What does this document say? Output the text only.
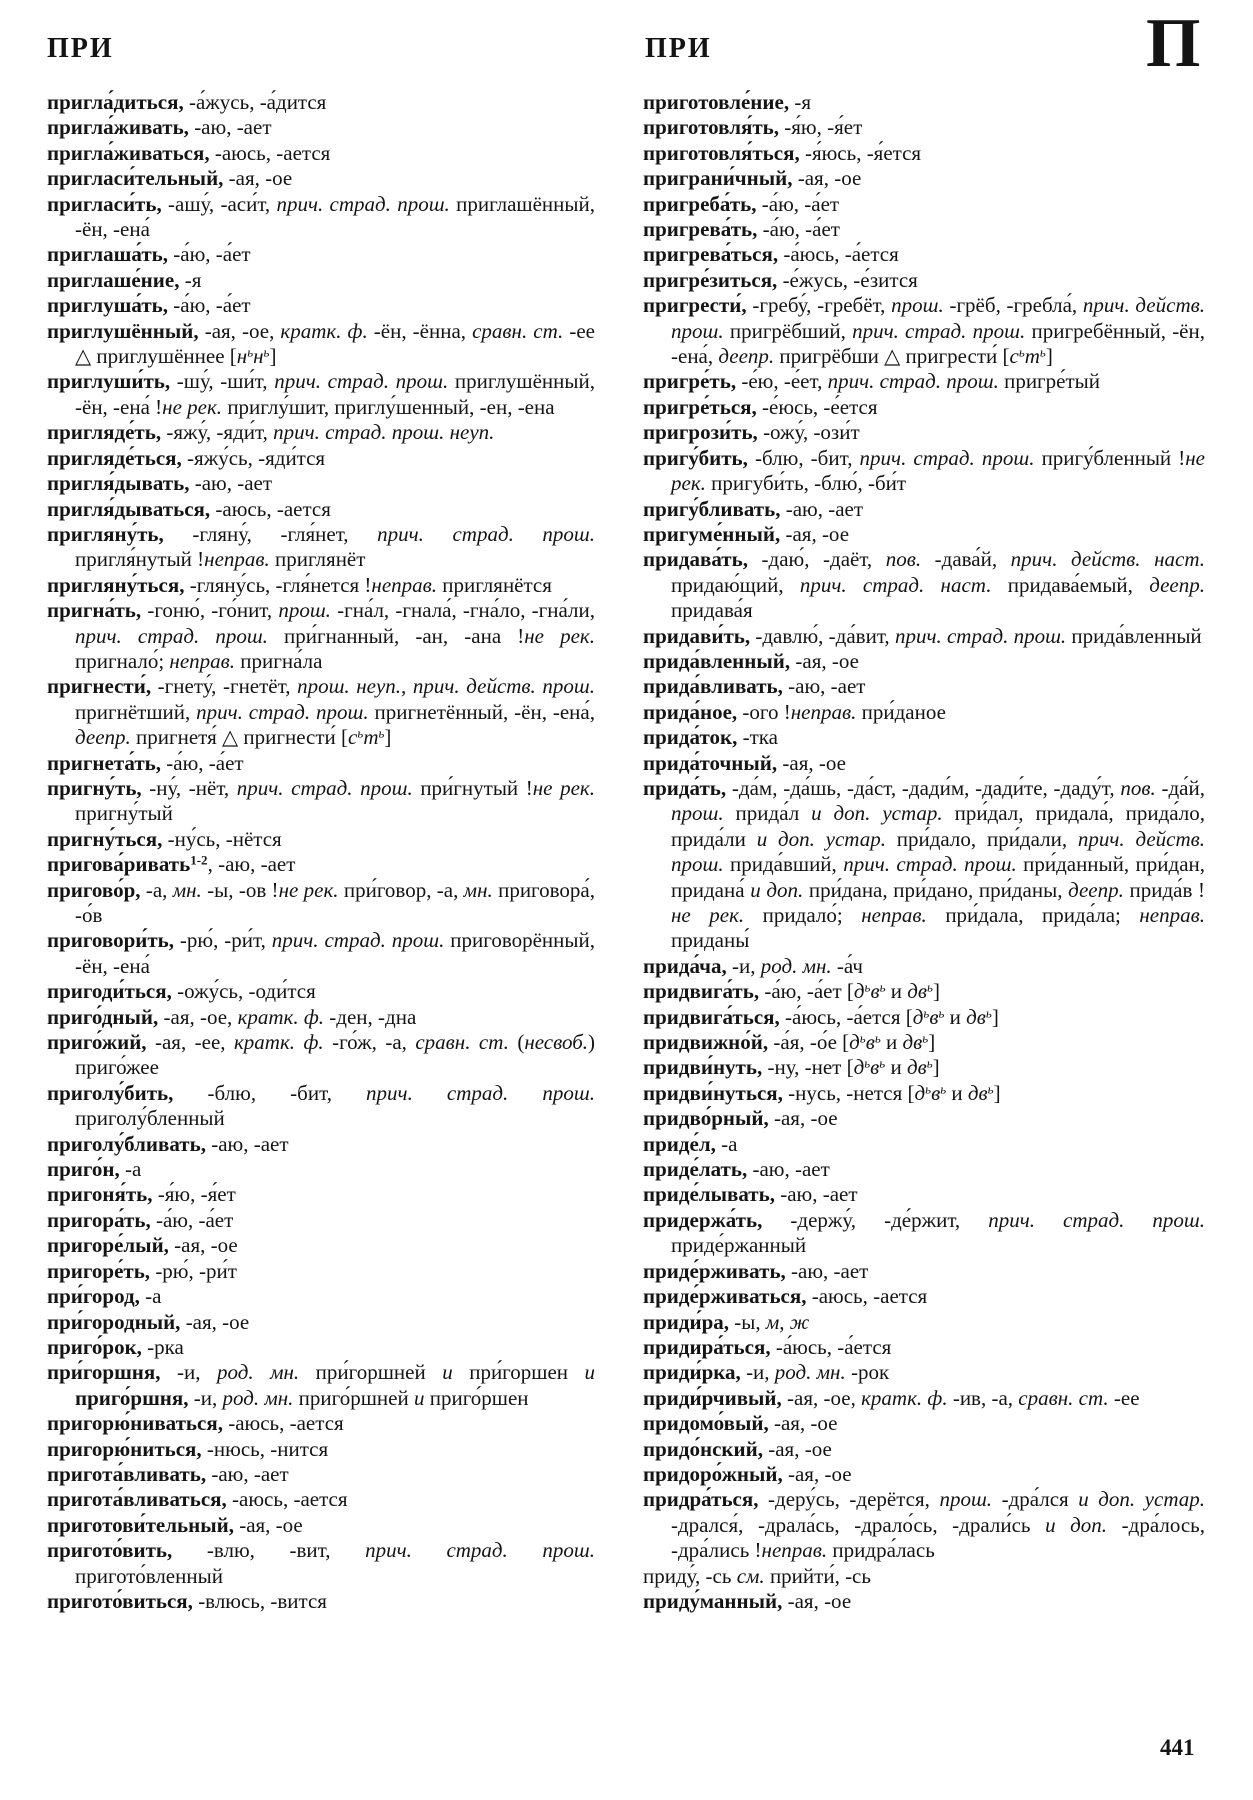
ПРИ	ПРИ	П

пригла́диться, -а́жусь, -а́дится

пригла́живать, -аю, -ает

пригла́живаться, -аюсь, -ается

пригласи́тельный, -ая, -ое

пригласи́ть, -ашу́, -аси́т, прич. страд. прош. приглашённый, -ён, -ена́

приглаша́ть, -а́ю, -а́ет

приглаше́ние, -я

приглуша́ть, -а́ю, -а́ет

приглушённый, -ая, -ое, кратк. ф. -ён, -ённа, сравн. ст. -ее △ приглушённее $[н^ьн^ь]$

приглуши́ть, -шу́, -ши́т, прич. страд. прош. приглушённый, -ён, -ена́ !не рек. приглу́шит, приглу́шенный, -ен, -ена

пригляде́ть, -яжу́, -яди́т, прич. страд. прош. неуп.

пригляде́ться, -яжу́сь, -яди́тся

пригля́дывать, -аю, -ает

пригля́дываться, -аюсь, -ается

пригляну́ть, -гляну́, -гля́нет, прич. страд. прош. пригля́нутый !неправ. приглянёт

пригляну́ться, -гляну́сь, -гля́нется !неправ. приглянётся

пригна́ть, -гоню́, -го́нит, прош. -гна́л, -гнала́, -гна́ло, -гна́ли, прич. страд. прош. при́гнанный, -ан, -ана !не рек. пригнало́; неправ. пригна́ла

пригнести́, -гнету́, -гнетёт, прош. неуп., прич. действ. прош. пригнётший, прич. страд. прош. пригнетённый, -ён, -ена́, деепр. пригнетя́ △ пригнести́ $[с^ьт^ь]$

пригнета́ть, -а́ю, -а́ет

пригну́ть, -ну́, -нёт, прич. страд. прош. при́гнутый !не рек. пригну́тый

пригну́ться, -ну́сь, -нётся

пригова́ривать$^{1-2}$, -аю, -ает

пригово́р, -а, мн. -ы, -ов !не рек. при́говор, -а, мн. приговора́, -о́в

приговори́ть, -рю́, -ри́т, прич. страд. прош. приговорённый, -ён, -ена́

пригоди́ться, -ожу́сь, -оди́тся

приго́дный, -ая, -ое, кратк. ф. -ден, -дна

приго́жий, -ая, -ее, кратк. ф. -го́ж, -а, сравн. ст. (несвоб.) приго́жее

приголу́бить, -блю, -бит, прич. страд. прош. приголу́бленный

приголу́бливать, -аю, -ает

приго́н, -а

пригоня́ть, -я́ю, -я́ет

пригора́ть, -а́ю, -а́ет

пригоре́лый, -ая, -ое

пригоре́ть, -рю́, -ри́т

при́город, -а

при́городный, -ая, -ое

приго́рок, -рка

при́горшня, -и, род. мн. при́горшней и при́горшен и приго́ршня, -и, род. мн. приго́ршней и приго́ршен

пригорю́ниваться, -аюсь, -ается

пригорю́ниться, -нюсь, -нится

пригота́вливать, -аю, -ает

пригота́вливаться, -аюсь, -ается

приготови́тельный, -ая, -ое

пригото́вить, -влю, -вит, прич. страд. прош. пригото́вленный

пригото́виться, -влюсь, -вится

приготовле́ние, -я

приготовля́ть, -я́ю, -я́ет

приготовля́ться, -я́юсь, -я́ется

приграни́чный, -ая, -ое

пригреба́ть, -а́ю, -а́ет

пригрева́ть, -а́ю, -а́ет

пригрева́ться, -а́юсь, -а́ется

пригре́зиться, -е́жусь, -е́зится

пригрести́, -гребу́, -гребёт, прош. -грёб, -гребла́, прич. действ. прош. пригрёбший, прич. страд. прош. пригребённый, -ён, -ена́, деепр. пригрёбши △ пригрести́ $[с^ьт^ь]$

пригре́ть, -е́ю, -е́ет, прич. страд. прош. пригре́тый

пригре́ться, -е́юсь, -е́ется

пригрози́ть, -ожу́, -ози́т

пригу́бить, -блю, -бит, прич. страд. прош. пригу́бленный !не рек. пригуби́ть, -блю́, -би́т

пригу́бливать, -аю, -ает

пригуме́нный, -ая, -ое

придава́ть, -даю́, -даёт, пов. -дава́й, прич. действ. наст. придаю́щий, прич. страд. наст. придава́емый, деепр. придава́я

придави́ть, -давлю́, -да́вит, прич. страд. прош. прида́вленный

прида́вленный, -ая, -ое

прида́вливать, -аю, -ает

прида́ное, -ого !неправ. при́даное

прида́ток, -тка

прида́точный, -ая, -ое

прида́ть, -да́м, -да́шь, -да́ст, -дади́м, -дади́те, -даду́т, пов. -да́й, прош. прида́л и доп. устар. при́дал, придала́, прида́ло, прида́ли и доп. устар. при́дало, при́дали, прич. действ. прош. прида́вший, прич. страд. прош. при́данный, при́дан, придана́ и доп. при́дана, при́дано, при́даны, деепр. прида́в !не рек. придало́; неправ. при́дала, прида́ла; неправ. приданы́

прида́ча, -и, род. мн. -а́ч

придвига́ть, -а́ю, -а́ет [$д^ьв^ь$ и $дв^ь$]

придвига́ться, -а́юсь, -а́ется [$д^ьв^ь$ и $дв^ь$]

придвижно́й, -а́я, -о́е [$д^ьв^ь$ и $дв^ь$]

придви́нуть, -ну, -нет [$д^ьв^ь$ и $дв^ь$]

придви́нуться, -нусь, -нется [$д^ьв^ь$ и $дв^ь$]

придво́рный, -ая, -ое

приде́л, -а

приде́лать, -аю, -ает

приде́лывать, -аю, -ает

придержа́ть, -держу́, -де́ржит, прич. страд. прош. приде́ржанный

приде́рживать, -аю, -ает

приде́рживаться, -аюсь, -ается

приди́ра, -ы, м, ж

придира́ться, -а́юсь, -а́ется

приди́рка, -и, род. мн. -рок

приди́рчивый, -ая, -ое, кратк. ф. -ив, -а, сравн. ст. -ее

придомо́вый, -ая, -ое

придо́нский, -ая, -ое

придоро́жный, -ая, -ое

придра́ться, -деру́сь, -дерётся, прош. -дра́лся и доп. устар. -дрался́, -драла́сь, -драло́сь, -драли́сь и доп. -дра́лось, -дра́лись !неправ. придра́лась

приду́, -сь см. прийти́, -сь

приду́манный, -ая, -ое

441
